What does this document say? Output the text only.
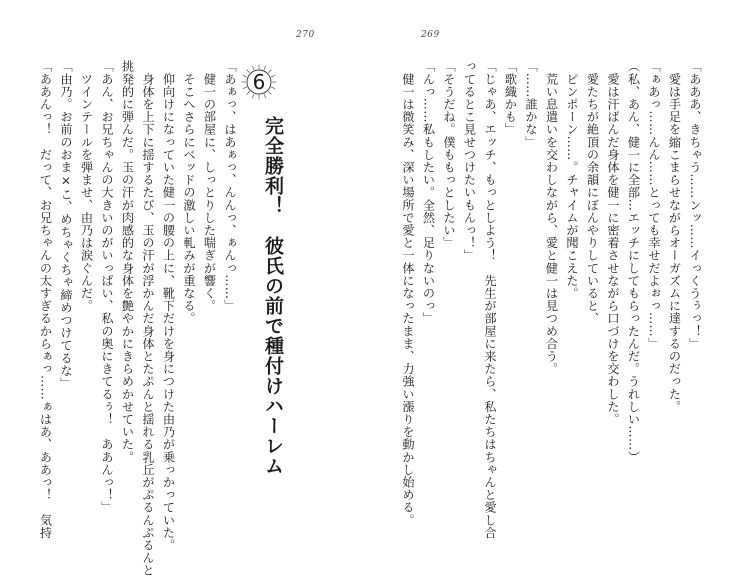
270	269

「あああ、きちゃう……ンッ……イっくうぅっ！」

　愛は手足を縮こまらせながらオーガズムに達するのだった。

「ぁあっ……んん……とっても幸せだよぉっ……」

（私、あん、健一に全部…エッチにしてもらったんだ。うれしい……）

　愛は汗ばんだ身体を健一に密着させながら口づけを交わした。

　愛たちが絶頂の余韻にぼんやりしていると、

　ピンポーン……。チャイムが聞こえた。

　荒い息遣いを交わしながら、愛と健一は見つめ合う。

「……誰かな」

「歌織かも」

「じゃあ、エッチ、もっとしよう！　先生が部屋に来たら、私たちはちゃんと愛し合

ってるとこ見せつけたいもんっ！」

「そうだね。僕ももっとしたい」

「んっ……私もしたい。全然、足りないのっ」

　健一は微笑み、深い場所で愛と一体になったまま、力強い漲りを動かし始める。

6
完全勝利！　彼氏の前で種付けハーレム

「あぁっ、はあぁっ、んんっ、ぁんっ……」

　健一の部屋に、しっとりした喘ぎが響く。

　そこへさらにベッドの激しい軋みが重なる。

　仰向けになっていた健一の腰の上に、靴下だけを身につけた由乃が乗っかっていた。

　身体を上下に揺するたび、玉の汗が浮かんだ身体とたぷんと揺れる乳丘がぷるんぷるんと

挑発的に弾んだ。玉の汗が肉感的な身体を艶やかにきらめかせていた。

「あん、お兄ちゃんの大きいのがいっぱい、私の奥にきてるぅ！　ああんっ！」

　ツインテールを弾ませ、由乃は涙ぐんだ。

「由乃。お前のおま×こ、めちゃくちゃ締めつけてるな」

「ああんっ！　だって、お兄ちゃんの太すぎるからぁっ……ぁはあ、ああっ！　気持
